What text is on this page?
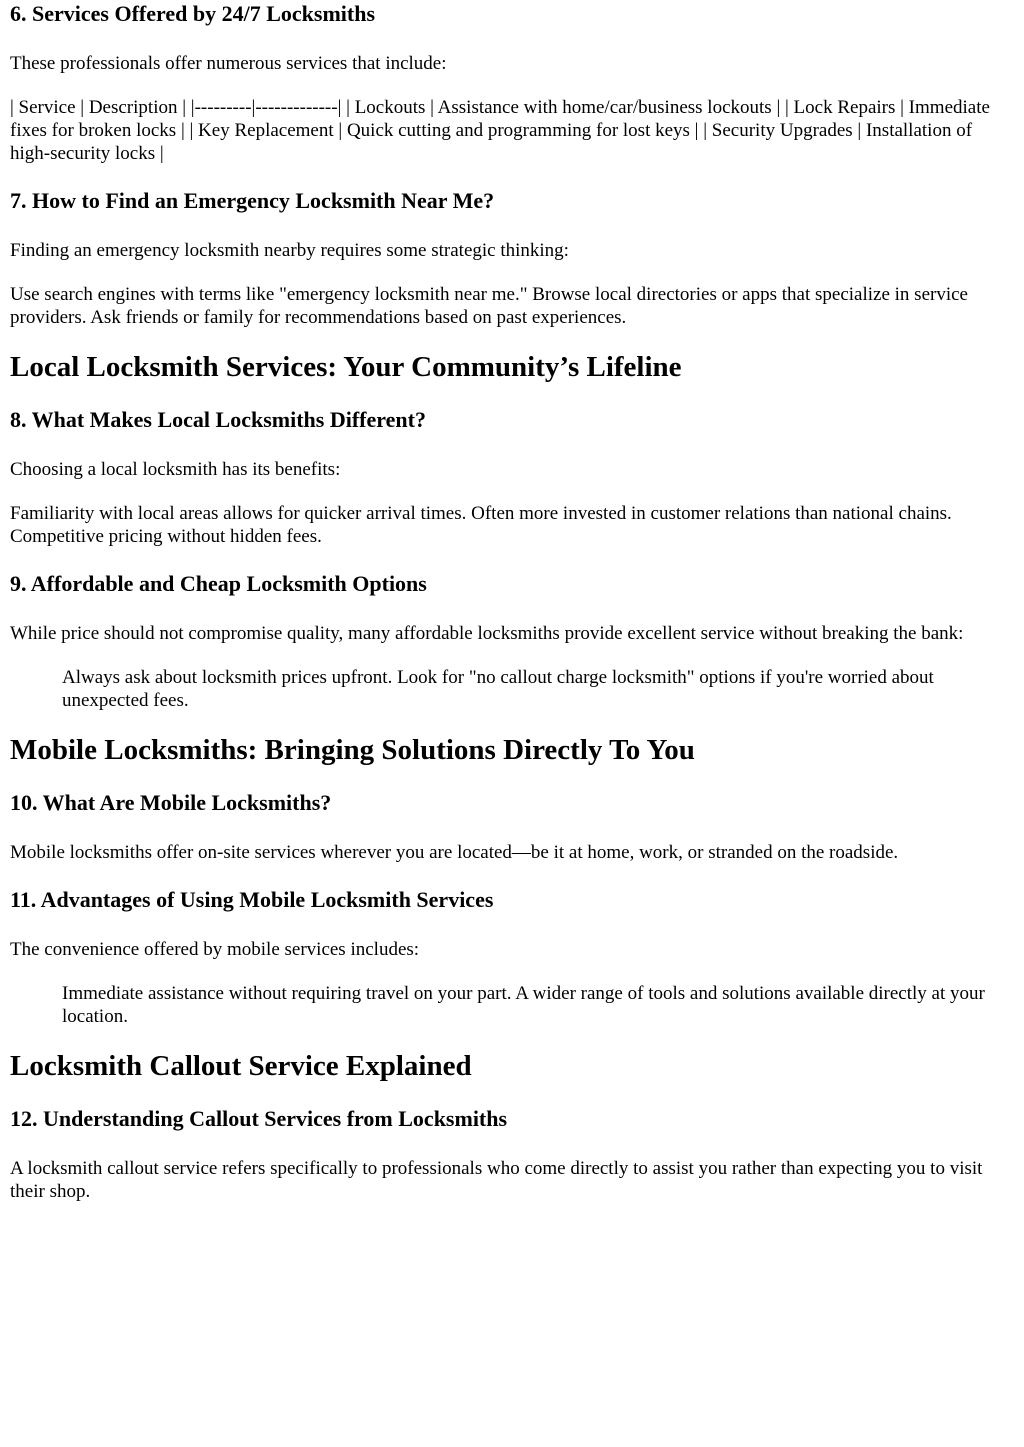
6. Services Offered by 24/7 Locksmiths

These professionals offer numerous services that include:

| Service | Description | |---------|-------------| | Lockouts | Assistance with home/car/business lockouts | | Lock Repairs | Immediate fixes for broken locks | | Key Replacement | Quick cutting and programming for lost keys | | Security Upgrades | Installation of high-security locks |

7. How to Find an Emergency Locksmith Near Me?

Finding an emergency locksmith nearby requires some strategic thinking:

Use search engines with terms like "emergency locksmith near me." Browse local directories or apps that specialize in service providers. Ask friends or family for recommendations based on past experiences.

Local Locksmith Services: Your Community’s Lifeline
8. What Makes Local Locksmiths Different?

Choosing a local locksmith has its benefits:

Familiarity with local areas allows for quicker arrival times. Often more invested in customer relations than national chains. Competitive pricing without hidden fees.

9. Affordable and Cheap Locksmith Options

While price should not compromise quality, many affordable locksmiths provide excellent service without breaking the bank:

Always ask about locksmith prices upfront. Look for "no callout charge locksmith" options if you're worried about unexpected fees.

Mobile Locksmiths: Bringing Solutions Directly To You
10. What Are Mobile Locksmiths?

Mobile locksmiths offer on-site services wherever you are located—be it at home, work, or stranded on the roadside.

11. Advantages of Using Mobile Locksmith Services

The convenience offered by mobile services includes:

Immediate assistance without requiring travel on your part. A wider range of tools and solutions available directly at your location.

Locksmith Callout Service Explained
12. Understanding Callout Services from Locksmiths

A locksmith callout service refers specifically to professionals who come directly to assist you rather than expecting you to visit their shop.
